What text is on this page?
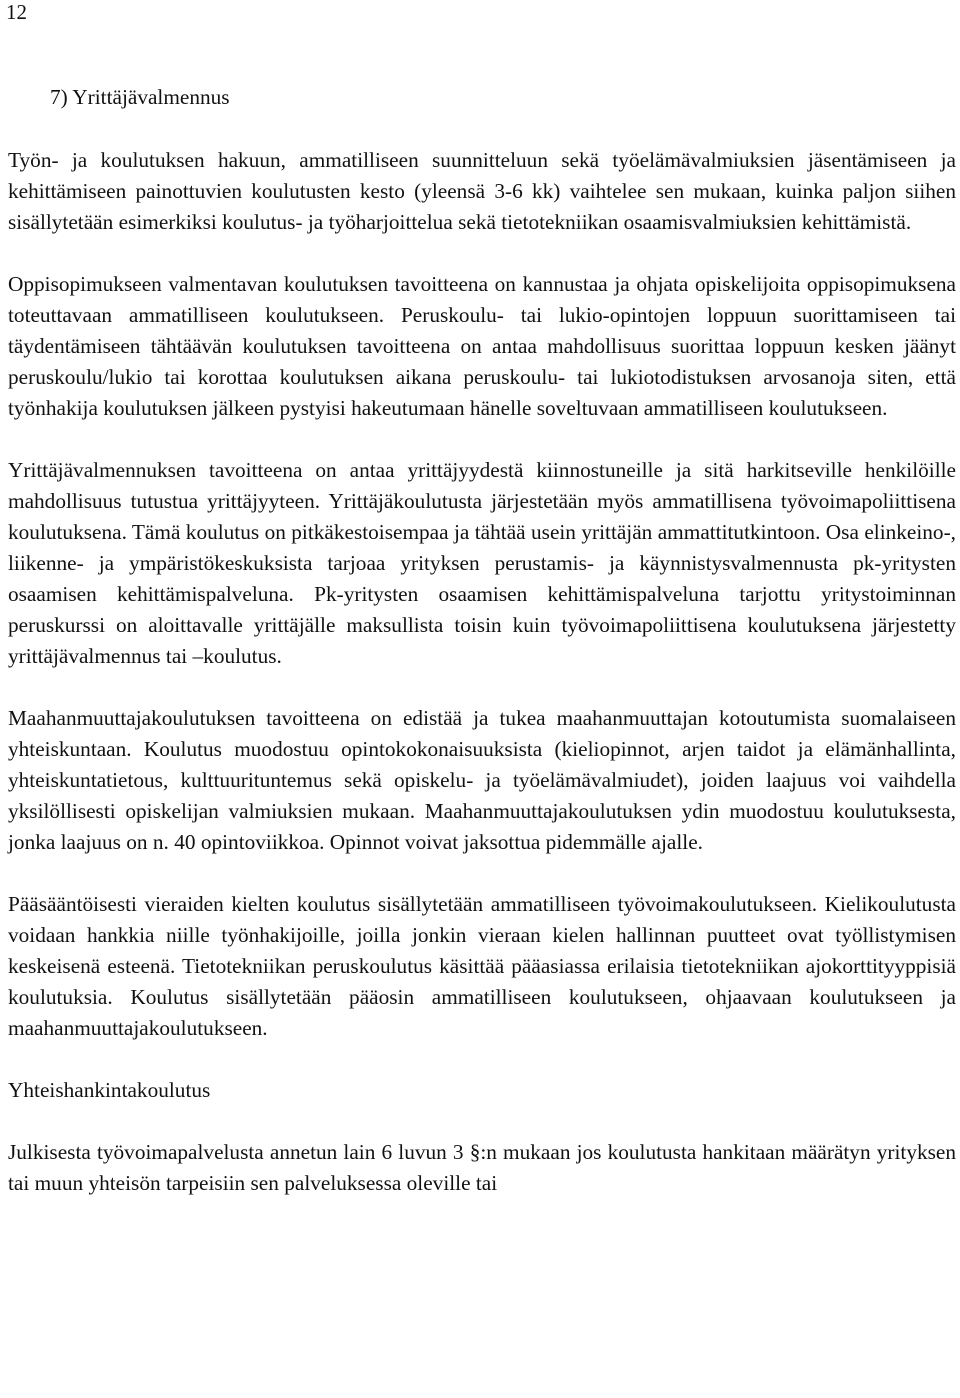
12
7) Yrittäjävalmennus

Työn- ja koulutuksen hakuun, ammatilliseen suunnitteluun sekä työelämävalmiuksien jäsentämiseen ja kehittämiseen painottuvien koulutusten kesto (yleensä 3-6 kk) vaihtelee sen mukaan, kuinka paljon siihen sisällytetään esimerkiksi koulutus- ja työharjoittelua sekä tietotekniikan osaamisvalmiuksien kehittämistä.

Oppisopimukseen valmentavan koulutuksen tavoitteena on kannustaa ja ohjata opiskelijoita oppisopimuksena toteuttavaan ammatilliseen koulutukseen. Peruskoulu- tai lukio-opintojen loppuun suorittamiseen tai täydentämiseen tähtäävän koulutuksen tavoitteena on antaa mahdollisuus suorittaa loppuun kesken jäänyt peruskoulu/lukio tai korottaa koulutuksen aikana peruskoulu- tai lukiotodistuksen arvosanoja siten, että työnhakija koulutuksen jälkeen pystyisi hakeutumaan hänelle soveltuvaan ammatilliseen koulutukseen.

Yrittäjävalmennuksen tavoitteena on antaa yrittäjyydestä kiinnostuneille ja sitä harkitseville henkilöille mahdollisuus tutustua yrittäjyyteen. Yrittäjäkoulutusta järjestetään myös ammatillisena työvoimapoliittisena koulutuksena. Tämä koulutus on pitkäkestoisempaa ja tähtää usein yrittäjän ammattitutkintoon. Osa elinkeino-, liikenne- ja ympäristökeskuksista tarjoaa yrityksen perustamis- ja käynnistysvalmennusta pk-yritysten osaamisen kehittämispalveluna. Pk-yritysten osaamisen kehittämispalveluna tarjottu yritystoiminnan peruskurssi on aloittavalle yrittäjälle maksullista toisin kuin työvoimapoliittisena koulutuksena järjestetty yrittäjävalmennus tai –koulutus.

Maahanmuuttajakoulutuksen tavoitteena on edistää ja tukea maahanmuuttajan kotoutumista suomalaiseen yhteiskuntaan. Koulutus muodostuu opintokokonaisuuksista (kieliopinnot, arjen taidot ja elämänhallinta, yhteiskuntatietous, kulttuurituntemus sekä opiskelu- ja työelämävalmiudet), joiden laajuus voi vaihdella yksilöllisesti opiskelijan valmiuksien mukaan. Maahanmuuttajakoulutuksen ydin muodostuu koulutuksesta, jonka laajuus on n. 40 opintoviikkoa. Opinnot voivat jaksottua pidemmälle ajalle.

Pääsääntöisesti vieraiden kielten koulutus sisällytetään ammatilliseen työvoimakoulutukseen. Kielikoulutusta voidaan hankkia niille työnhakijoille, joilla jonkin vieraan kielen hallinnan puutteet ovat työllistymisen keskeisenä esteenä. Tietotekniikan peruskoulutus käsittää pääasiassa erilaisia tietotekniikan ajokorttityyppisiä koulutuksia. Koulutus sisällytetään pääosin ammatilliseen koulutukseen, ohjaavaan koulutukseen ja maahanmuuttajakoulutukseen.

Yhteishankintakoulutus

Julkisesta työvoimapalvelusta annetun lain 6 luvun 3 §:n mukaan jos koulutusta hankitaan määrätyn yrityksen tai muun yhteisön tarpeisiin sen palveluksessa oleville tai
